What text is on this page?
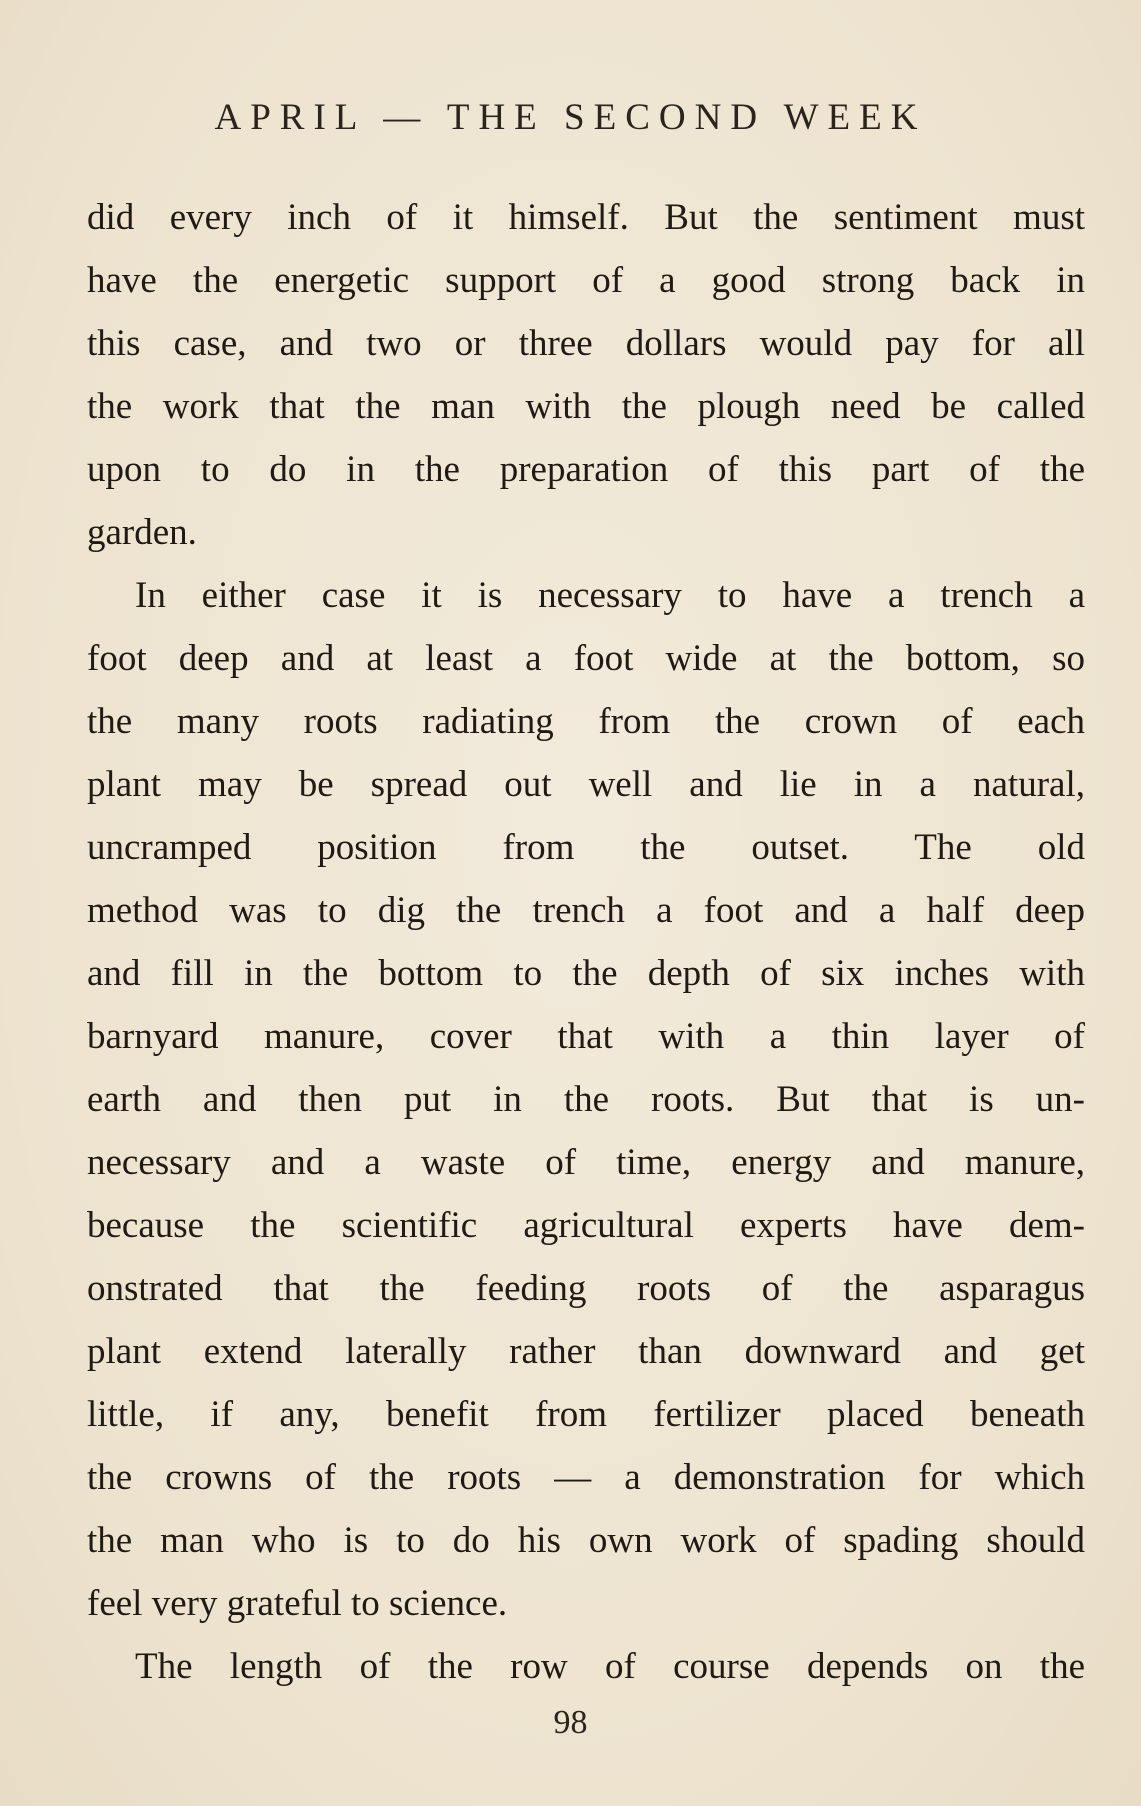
APRIL — THE SECOND WEEK
did every inch of it himself. But the sentiment must
have the energetic support of a good strong back in
this case, and two or three dollars would pay for all
the work that the man with the plough need be called
upon to do in the preparation of this part of the
garden.
In either case it is necessary to have a trench a
foot deep and at least a foot wide at the bottom, so
the many roots radiating from the crown of each
plant may be spread out well and lie in a natural,
uncramped position from the outset. The old
method was to dig the trench a foot and a half deep
and fill in the bottom to the depth of six inches with
barnyard manure, cover that with a thin layer of
earth and then put in the roots. But that is un-
necessary and a waste of time, energy and manure,
because the scientific agricultural experts have dem-
onstrated that the feeding roots of the asparagus
plant extend laterally rather than downward and get
little, if any, benefit from fertilizer placed beneath
the crowns of the roots — a demonstration for which
the man who is to do his own work of spading should
feel very grateful to science.
The length of the row of course depends on the
98
